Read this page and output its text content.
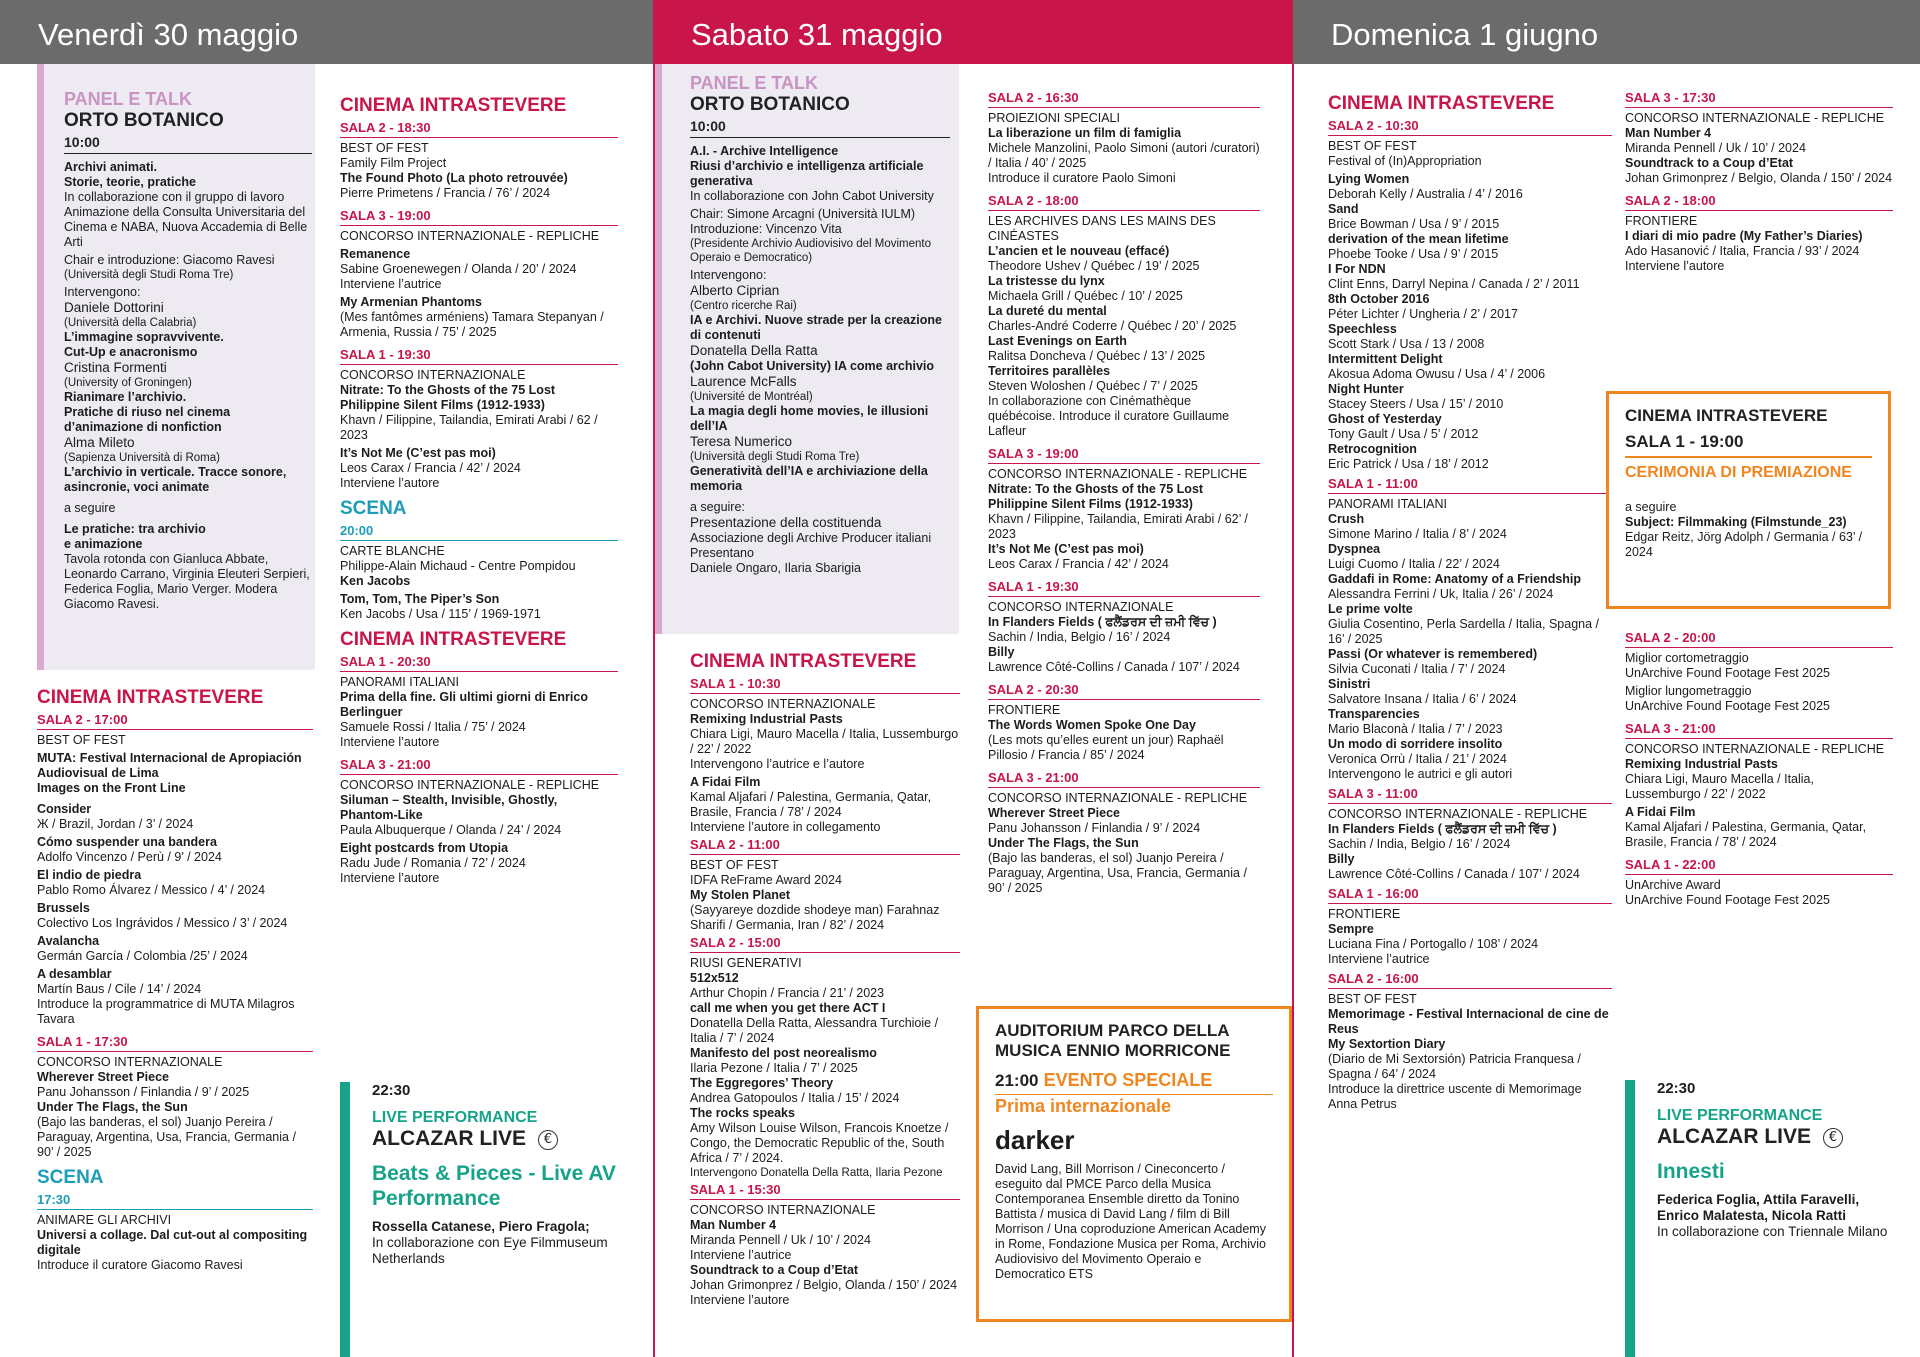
Venerdì 30 maggio	Sabato 31 maggio	Domenica 1 giugno
PANEL E TALK
ORTO BOTANICO
10:00
Archivi animati.
Storie, teorie, pratiche
In collaborazione con il gruppo di lavoro Animazione della Consulta Universitaria del Cinema e NABA, Nuova Accademia di Belle Arti
Chair e introduzione: Giacomo Ravesi
(Università degli Studi Roma Tre)
Intervengono:
Daniele Dottorini
(Università della Calabria)
L’immagine sopravvivente.
Cut-Up e anacronismo
Cristina Formenti
(University of Groningen)
Rianimare l’archivio.
Pratiche di riuso nel cinema d’animazione di nonfiction
Alma Mileto
(Sapienza Università di Roma)
L’archivio in verticale. Tracce sonore, asincronie, voci animate
a seguire
Le pratiche: tra archivio
e animazione
Tavola rotonda con Gianluca Abbate, Leonardo Carrano, Virginia Eleuteri Serpieri, Federica Foglia, Mario Verger. Modera Giacomo Ravesi.
CINEMA INTRASTEVERE
SALA 2 - 17:00
BEST OF FEST
MUTA: Festival Internacional de Apropiación Audiovisual de Lima
Images on the Front Line
Consider
Ж / Brazil, Jordan / 3’ / 2024
Cómo suspender una bandera
Adolfo Vincenzo / Perù / 9’ / 2024
El indio de piedra
Pablo Romo Álvarez / Messico / 4’ / 2024
Brussels
Colectivo Los Ingrávidos / Messico / 3’ / 2024
Avalancha
Germán García / Colombia /25’ / 2024
A desamblar
Martín Baus / Cile / 14’ / 2024
Introduce la programmatrice di MUTA Milagros Tavara
SALA 1 - 17:30
CONCORSO INTERNAZIONALE
Wherever Street Piece
Panu Johansson / Finlandia / 9’ / 2025
Under The Flags, the Sun
(Bajo las banderas, el sol) Juanjo Pereira / Paraguay, Argentina, Usa, Francia, Germania / 90’ / 2025
SCENA
17:30
ANIMARE GLI ARCHIVI
Universi a collage. Dal cut-out al compositing digitale
Introduce il curatore Giacomo Ravesi
CINEMA INTRASTEVERE
SALA 2 - 18:30
BEST OF FEST
Family Film Project
The Found Photo (La photo retrouvée)
Pierre Primetens / Francia / 76’ / 2024
SALA 3 - 19:00
CONCORSO INTERNAZIONALE - REPLICHE
Remanence
Sabine Groenewegen / Olanda / 20’ / 2024
Interviene l’autrice
My Armenian Phantoms
(Mes fantômes arméniens) Tamara Stepanyan / Armenia, Russia / 75’ / 2025
SALA 1 - 19:30
CONCORSO INTERNAZIONALE
Nitrate: To the Ghosts of the 75 Lost Philippine Silent Films (1912-1933)
Khavn / Filippine, Tailandia, Emirati Arabi / 62 / 2023
It’s Not Me (C’est pas moi)
Leos Carax / Francia / 42’ / 2024
Interviene l’autore
SCENA
20:00
CARTE BLANCHE
Philippe-Alain Michaud - Centre Pompidou
Ken Jacobs
Tom, Tom, The Piper’s Son
Ken Jacobs / Usa / 115’ / 1969-1971
CINEMA INTRASTEVERE
SALA 1 - 20:30
PANORAMI ITALIANI
Prima della fine. Gli ultimi giorni di Enrico Berlinguer
Samuele Rossi / Italia / 75’ / 2024
Interviene l’autore
SALA 3 - 21:00
CONCORSO INTERNAZIONALE - REPLICHE
Siluman – Stealth, Invisible, Ghostly, Phantom-Like
Paula Albuquerque / Olanda / 24’ / 2024
Eight postcards from Utopia
Radu Jude / Romania / 72’ / 2024
Interviene l’autore
22:30
LIVE PERFORMANCE
ALCAZAR LIVE €
Beats & Pieces - Live AV Performance
Rossella Catanese, Piero Fragola;
In collaborazione con Eye Filmmuseum Netherlands
PANEL E TALK
ORTO BOTANICO
10:00
A.I. - Archive Intelligence
Riusi d’archivio e intelligenza artificiale generativa
In collaborazione con John Cabot University
Chair: Simone Arcagni (Università IULM)
Introduzione: Vincenzo Vita
(Presidente Archivio Audiovisivo del Movimento Operaio e Democratico)
Intervengono:
Alberto Ciprian
(Centro ricerche Rai)
IA e Archivi. Nuove strade per la creazione di contenuti
Donatella Della Ratta
(John Cabot University) IA come archivio
Laurence McFalls
(Université de Montréal)
La magia degli home movies, le illusioni dell’IA
Teresa Numerico
(Università degli Studi Roma Tre)
Generatività dell’IA e archiviazione della memoria
a seguire:
Presentazione della costituenda
Associazione degli Archive Producer italiani
Presentano
Daniele Ongaro, Ilaria Sbarigia
CINEMA INTRASTEVERE
SALA 1 - 10:30
CONCORSO INTERNAZIONALE
Remixing Industrial Pasts
Chiara Ligi, Mauro Macella / Italia, Lussemburgo / 22’ / 2022
Intervengono l’autrice e l’autore
A Fidai Film
Kamal Aljafari / Palestina, Germania, Qatar, Brasile, Francia / 78’ / 2024
Interviene l’autore in collegamento
SALA 2 - 11:00
BEST OF FEST
IDFA ReFrame Award 2024
My Stolen Planet
(Sayyareye dozdide shodeye man) Farahnaz Sharifi / Germania, Iran / 82’ / 2024
SALA 2 - 15:00
RIUSI GENERATIVI
512x512
Arthur Chopin / Francia / 21’ / 2023
call me when you get there ACT I
Donatella Della Ratta, Alessandra Turchioie / Italia / 7’ / 2024
Manifesto del post neorealismo
Ilaria Pezone / Italia / 7’ / 2025
The Eggregores’ Theory
Andrea Gatopoulos / Italia / 15’ / 2024
The rocks speaks
Amy Wilson Louise Wilson, Francois Knoetze / Congo, the Democratic Republic of the, South Africa / 7’ / 2024.
Intervengono Donatella Della Ratta, Ilaria Pezone
SALA 1 - 15:30
CONCORSO INTERNAZIONALE
Man Number 4
Miranda Pennell / Uk / 10’ / 2024
Interviene l’autrice
Soundtrack to a Coup d’Etat
Johan Grimonprez / Belgio, Olanda / 150’ / 2024
Interviene l’autore
SALA 2 - 16:30
PROIEZIONI SPECIALI
La liberazione un film di famiglia
Michele Manzolini, Paolo Simoni (autori /curatori) / Italia / 40’ / 2025
Introduce il curatore Paolo Simoni
SALA 2 - 18:00
LES ARCHIVES DANS LES MAINS DES CINÉASTES
L’ancien et le nouveau (effacé)
Theodore Ushev / Québec / 19’ / 2025
La tristesse du lynx
Michaela Grill / Québec / 10’ / 2025
La dureté du mental
Charles-André Coderre / Québec / 20’ / 2025
Last Evenings on Earth
Ralitsa Doncheva / Québec / 13’ / 2025
Territoires parallèles
Steven Woloshen / Québec / 7’ / 2025
In collaborazione con Cinémathèque québécoise. Introduce il curatore Guillaume Lafleur
SALA 3 - 19:00
CONCORSO INTERNAZIONALE - REPLICHE
Nitrate: To the Ghosts of the 75 Lost Philippine Silent Films (1912-1933)
Khavn / Filippine, Tailandia, Emirati Arabi / 62’ / 2023
It’s Not Me (C’est pas moi)
Leos Carax / Francia / 42’ / 2024
SALA 1 - 19:30
CONCORSO INTERNAZIONALE
In Flanders Fields ( ਫਲੈਂਡਰਸ ਦੀ ਜ਼ਮੀ ਵਿੱਚ )
Sachin / India, Belgio / 16’ / 2024
Billy
Lawrence Côté-Collins / Canada / 107’ / 2024
SALA 2 - 20:30
FRONTIERE
The Words Women Spoke One Day
(Les mots qu’elles eurent un jour) Raphaël Pillosio / Francia / 85’ / 2024
SALA 3 - 21:00
CONCORSO INTERNAZIONALE - REPLICHE
Wherever Street Piece
Panu Johansson / Finlandia / 9’ / 2024
Under The Flags, the Sun
(Bajo las banderas, el sol) Juanjo Pereira / Paraguay, Argentina, Usa, Francia, Germania / 90’ / 2025
AUDITORIUM PARCO DELLA MUSICA ENNIO MORRICONE
21:00 EVENTO SPECIALE
Prima internazionale
darker
David Lang, Bill Morrison / Cineconcerto / eseguito dal PMCE Parco della Musica Contemporanea Ensemble diretto da Tonino Battista / musica di David Lang / film di Bill Morrison / Una coproduzione American Academy in Rome, Fondazione Musica per Roma, Archivio Audiovisivo del Movimento Operaio e Democratico ETS
CINEMA INTRASTEVERE
SALA 2 - 10:30
BEST OF FEST
Festival of (In)Appropriation
Lying Women
Deborah Kelly / Australia / 4’ / 2016
Sand
Brice Bowman / Usa / 9’ / 2015
derivation of the mean lifetime
Phoebe Tooke / Usa / 9’ / 2015
I For NDN
Clint Enns, Darryl Nepina / Canada / 2’ / 2011
8th October 2016
Péter Lichter / Ungheria / 2’ / 2017
Speechless
Scott Stark / Usa / 13 / 2008
Intermittent Delight
Akosua Adoma Owusu / Usa / 4’ / 2006
Night Hunter
Stacey Steers / Usa / 15’ / 2010
Ghost of Yesterday
Tony Gault / Usa / 5’ / 2012
Retrocognition
Eric Patrick / Usa / 18’ / 2012
SALA 1 - 11:00
PANORAMI ITALIANI
Crush
Simone Marino / Italia / 8’ / 2024
Dyspnea
Luigi Cuomo / Italia / 22’ / 2024
Gaddafi in Rome: Anatomy of a Friendship
Alessandra Ferrini / Uk, Italia / 26’ / 2024
Le prime volte
Giulia Cosentino, Perla Sardella / Italia, Spagna / 16’ / 2025
Passi (Or whatever is remembered)
Silvia Cuconati / Italia / 7’ / 2024
Sinistri
Salvatore Insana / Italia / 6’ / 2024
Transparencies
Mario Blaconà / Italia / 7’ / 2023
Un modo di sorridere insolito
Veronica Orrù / Italia / 21’ / 2024
Intervengono le autrici e gli autori
SALA 3 - 11:00
CONCORSO INTERNAZIONALE - REPLICHE
In Flanders Fields ( ਫਲੈਂਡਰਸ ਦੀ ਜ਼ਮੀ ਵਿੱਚ )
Sachin / India, Belgio / 16’ / 2024
Billy
Lawrence Côté-Collins / Canada / 107’ / 2024
SALA 1 - 16:00
FRONTIERE
Sempre
Luciana Fina / Portogallo / 108’ / 2024
Interviene l’autrice
SALA 2 - 16:00
BEST OF FEST
Memorimage - Festival Internacional de cine de Reus
My Sextortion Diary
(Diario de Mi Sextorsión) Patricia Franquesa / Spagna / 64’ / 2024
Introduce la direttrice uscente di Memorimage Anna Petrus
SALA 3 - 17:30
CONCORSO INTERNAZIONALE - REPLICHE
Man Number 4
Miranda Pennell / Uk / 10’ / 2024
Soundtrack to a Coup d’Etat
Johan Grimonprez / Belgio, Olanda / 150’ / 2024
SALA 2 - 18:00
FRONTIERE
I diari di mio padre (My Father’s Diaries)
Ado Hasanović / Italia, Francia / 93’ / 2024
Interviene l’autore
CINEMA INTRASTEVERE
SALA 1 - 19:00
CERIMONIA DI PREMIAZIONE
a seguire
Subject: Filmmaking (Filmstunde_23)
Edgar Reitz, Jörg Adolph / Germania / 63’ / 2024
SALA 2 - 20:00
Miglior cortometraggio
UnArchive Found Footage Fest 2025
Miglior lungometraggio
UnArchive Found Footage Fest 2025
SALA 3 - 21:00
CONCORSO INTERNAZIONALE - REPLICHE
Remixing Industrial Pasts
Chiara Ligi, Mauro Macella / Italia, Lussemburgo / 22’ / 2022
A Fidai Film
Kamal Aljafari / Palestina, Germania, Qatar, Brasile, Francia / 78’ / 2024
SALA 1 - 22:00
UnArchive Award
UnArchive Found Footage Fest 2025
22:30
LIVE PERFORMANCE
ALCAZAR LIVE €
Innesti
Federica Foglia, Attila Faravelli, Enrico Malatesta, Nicola Ratti
In collaborazione con Triennale Milano
